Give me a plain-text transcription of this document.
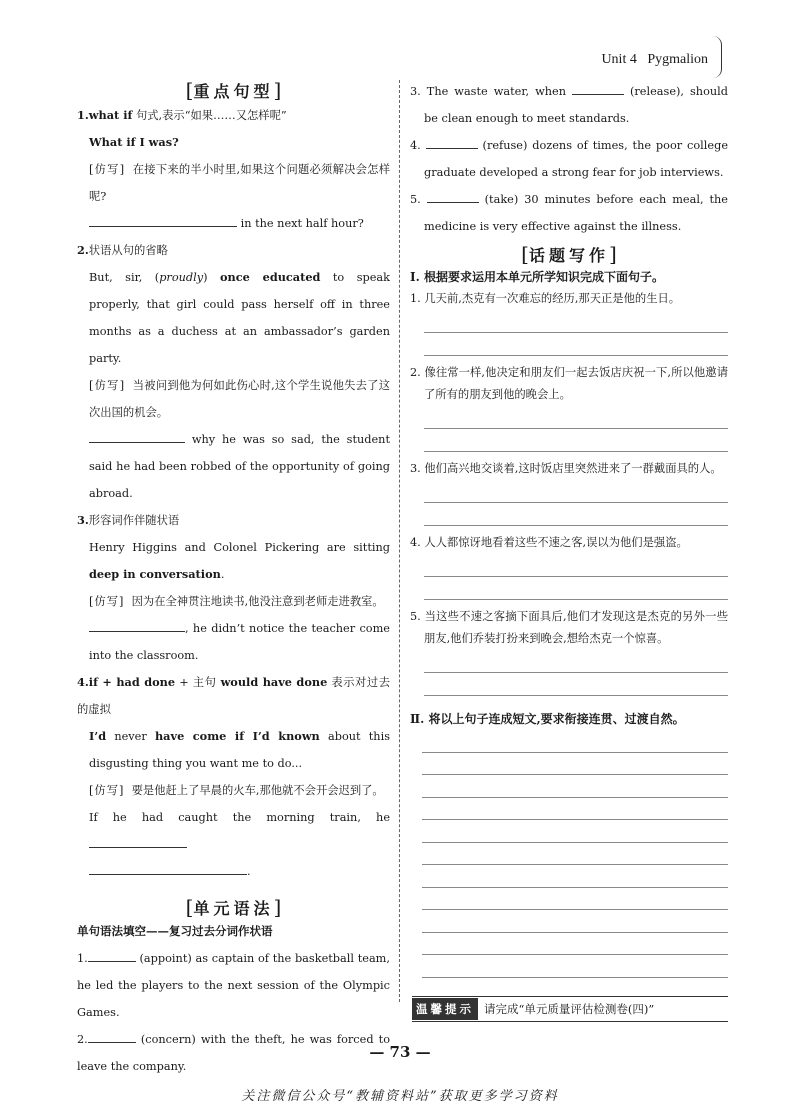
Unit 4 Pygmalion
[重点句型]

1.what if 句式,表示“如果……又怎样呢”

What if I was?

[仿写] 在接下来的半小时里,如果这个问题必须解决会怎样呢?

in the next half hour?

2.状语从句的省略

But, sir, (proudly) once educated to speak properly, that girl could pass herself off in three months as a duchess at an ambassador’s garden party.

[仿写] 当被问到他为何如此伤心时,这个学生说他失去了这次出国的机会。

why he was so sad, the student said he had been robbed of the opportunity of going abroad.

3.形容词作伴随状语

Henry Higgins and Colonel Pickering are sitting deep in conversation.

[仿写] 因为在全神贯注地读书,他没注意到老师走进教室。

, he didn’t notice the teacher come into the classroom.

4.if + had done + 主句 would have done 表示对过去的虚拟

I’d never have come if I’d known about this disgusting thing you want me to do...

[仿写] 要是他赶上了早晨的火车,那他就不会开会迟到了。

If he had caught the morning train, he

.

[单元语法]

单句语法填空——复习过去分词作状语

1.	(appoint) as captain of the basketball team, he led the players to the next session of the Olympic Games.

2.	(concern) with the theft, he was forced to leave the company.

3. The waste water, when	(release), should be clean enough to meet standards.

4.	(refuse) dozens of times, the poor college graduate developed a strong fear for job interviews.

5.	(take) 30 minutes before each meal, the medicine is very effective against the illness.

[话题写作]

Ⅰ. 根据要求运用本单元所学知识完成下面句子。

1. 几天前,杰克有一次难忘的经历,那天正是他的生日。

2. 像往常一样,他决定和朋友们一起去饭店庆祝一下,所以他邀请了所有的朋友到他的晚会上。

3. 他们高兴地交谈着,这时饭店里突然进来了一群戴面具的人。

4. 人人都惊讶地看着这些不速之客,误以为他们是强盗。

5. 当这些不速之客摘下面具后,他们才发现这是杰克的另外一些朋友,他们乔装打扮来到晚会,想给杰克一个惊喜。

Ⅱ. 将以上句子连成短文,要求衔接连贯、过渡自然。

温馨提示 请完成“单元质量评估检测卷(四)”
— 73 —
关注微信公众号“教辅资料站”获取更多学习资料
